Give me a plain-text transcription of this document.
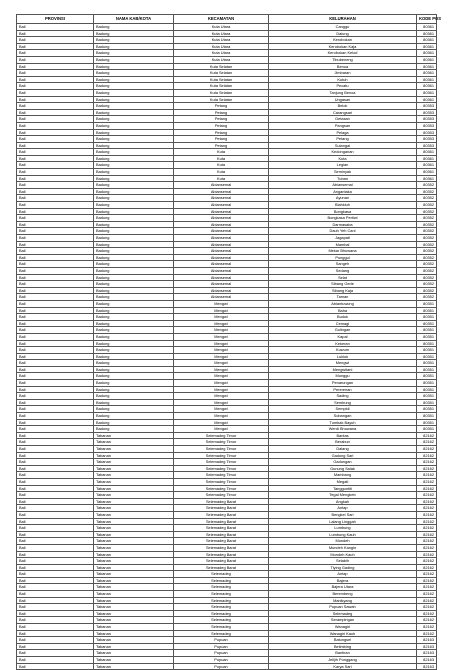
PROVINSI	NAMA KAB/KOTA	KECAMATAN	KELURAHAN	KODE POS
Bali	Badung	Kuta Utara	Canggu	80361
Bali	Badung	Kuta Utara	Dalung	80361
Bali	Badung	Kuta Utara	Kerobokan	80361
Bali	Badung	Kuta Utara	Kerobokan Kaja	80361
Bali	Badung	Kuta Utara	Kerobokan Kelod	80361
Bali	Badung	Kuta Utara	Tibubeneng	80361
Bali	Badung	Kuta Selatan	Benoa	80361
Bali	Badung	Kuta Selatan	Jimbaran	80361
Bali	Badung	Kuta Selatan	Kutuh	80361
Bali	Badung	Kuta Selatan	Pecatu	80361
Bali	Badung	Kuta Selatan	Tanjung Benoa	80361
Bali	Badung	Kuta Selatan	Ungasan	80361
Bali	Badung	Petang	Belok	80353
Bali	Badung	Petang	Carangsari	80353
Bali	Badung	Petang	Getasan	80353
Bali	Badung	Petang	Pangsan	80353
Bali	Badung	Petang	Pelaga	80353
Bali	Badung	Petang	Petang	80353
Bali	Badung	Petang	Sulangai	80353
Bali	Badung	Kuta	Kedonganan	80361
Bali	Badung	Kuta	Kuta	80361
Bali	Badung	Kuta	Legian	80361
Bali	Badung	Kuta	Seminyak	80361
Bali	Badung	Kuta	Tuban	80361
Bali	Badung	Abiansemal	Abiansemal	80352
Bali	Badung	Abiansemal	Angantaka	80352
Bali	Badung	Abiansemal	Ayunan	80352
Bali	Badung	Abiansemal	Blahkiuh	80352
Bali	Badung	Abiansemal	Bongkasa	80352
Bali	Badung	Abiansemal	Bongkasa Pertiwi	80352
Bali	Badung	Abiansemal	Darmasaba	80352
Bali	Badung	Abiansemal	Dauh Yeh Cani	80352
Bali	Badung	Abiansemal	Jagapati	80352
Bali	Badung	Abiansemal	Mambal	80352
Bali	Badung	Abiansemal	Mekar Bhuwana	80352
Bali	Badung	Abiansemal	Punggul	80352
Bali	Badung	Abiansemal	Sangeh	80352
Bali	Badung	Abiansemal	Sedang	80352
Bali	Badung	Abiansemal	Selat	80352
Bali	Badung	Abiansemal	Sibang Gede	80352
Bali	Badung	Abiansemal	Sibang Kaja	80352
Bali	Badung	Abiansemal	Taman	80352
Bali	Badung	Mengwi	Abiantuwung	80351
Bali	Badung	Mengwi	Baha	80351
Bali	Badung	Mengwi	Buduk	80351
Bali	Badung	Mengwi	Cemagi	80351
Bali	Badung	Mengwi	Gulingan	80351
Bali	Badung	Mengwi	Kapal	80351
Bali	Badung	Mengwi	Kekeran	80351
Bali	Badung	Mengwi	Kuwum	80351
Bali	Badung	Mengwi	Lukluk	80351
Bali	Badung	Mengwi	Mengwi	80351
Bali	Badung	Mengwi	Mengwitani	80351
Bali	Badung	Mengwi	Munggu	80351
Bali	Badung	Mengwi	Penarungan	80351
Bali	Badung	Mengwi	Pererenan	80351
Bali	Badung	Mengwi	Sading	80351
Bali	Badung	Mengwi	Sembung	80351
Bali	Badung	Mengwi	Sempidi	80351
Bali	Badung	Mengwi	Sobangan	80351
Bali	Badung	Mengwi	Tumbak Bayuh	80351
Bali	Badung	Mengwi	Werdi Bhuwana	80351
Bali	Tabanan	Selemadeg Timur	Bantas	82162
Bali	Tabanan	Selemadeg Timur	Berabun	82162
Bali	Tabanan	Selemadeg Timur	Dalang	82162
Bali	Tabanan	Selemadeg Timur	Gadung Sari	82162
Bali	Tabanan	Selemadeg Timur	Gadungan	82162
Bali	Tabanan	Selemadeg Timur	Gunung Salak	82162
Bali	Tabanan	Selemadeg Timur	Mambang	82162
Bali	Tabanan	Selemadeg Timur	Megati	82162
Bali	Tabanan	Selemadeg Timur	Tangguntiti	82162
Bali	Tabanan	Selemadeg Timur	Tegal Mengkeb	82162
Bali	Tabanan	Selemadeg Barat	Angkah	82162
Bali	Tabanan	Selemadeg Barat	Antap	82162
Bali	Tabanan	Selemadeg Barat	Bengkel Sari	82162
Bali	Tabanan	Selemadeg Barat	Lalang Linggah	82162
Bali	Tabanan	Selemadeg Barat	Lumbung	82162
Bali	Tabanan	Selemadeg Barat	Lumbung Kauh	82162
Bali	Tabanan	Selemadeg Barat	Mundeh	82162
Bali	Tabanan	Selemadeg Barat	Mundeh Kangin	82162
Bali	Tabanan	Selemadeg Barat	Mundeh Kauh	82162
Bali	Tabanan	Selemadeg Barat	Selabih	82162
Bali	Tabanan	Selemadeg Barat	Tiying Gading	82162
Bali	Tabanan	Selemadeg	Antap	82162
Bali	Tabanan	Selemadeg	Bajera	82162
Bali	Tabanan	Selemadeg	Bajera Utara	82162
Bali	Tabanan	Selemadeg	Berembeng	82162
Bali	Tabanan	Selemadeg	Manikyang	82162
Bali	Tabanan	Selemadeg	Pupuan Sawah	82162
Bali	Tabanan	Selemadeg	Selemadeg	82162
Bali	Tabanan	Selemadeg	Serampingan	82162
Bali	Tabanan	Selemadeg	Wanagiri	82162
Bali	Tabanan	Selemadeg	Wanagiri Kauh	82162
Bali	Tabanan	Pupuan	Batungsel	82163
Bali	Tabanan	Pupuan	Belimbing	82163
Bali	Tabanan	Pupuan	Bantiran	82163
Bali	Tabanan	Pupuan	Jelijih Punggang	82163
Bali	Tabanan	Pupuan	Karya Sari	82163
